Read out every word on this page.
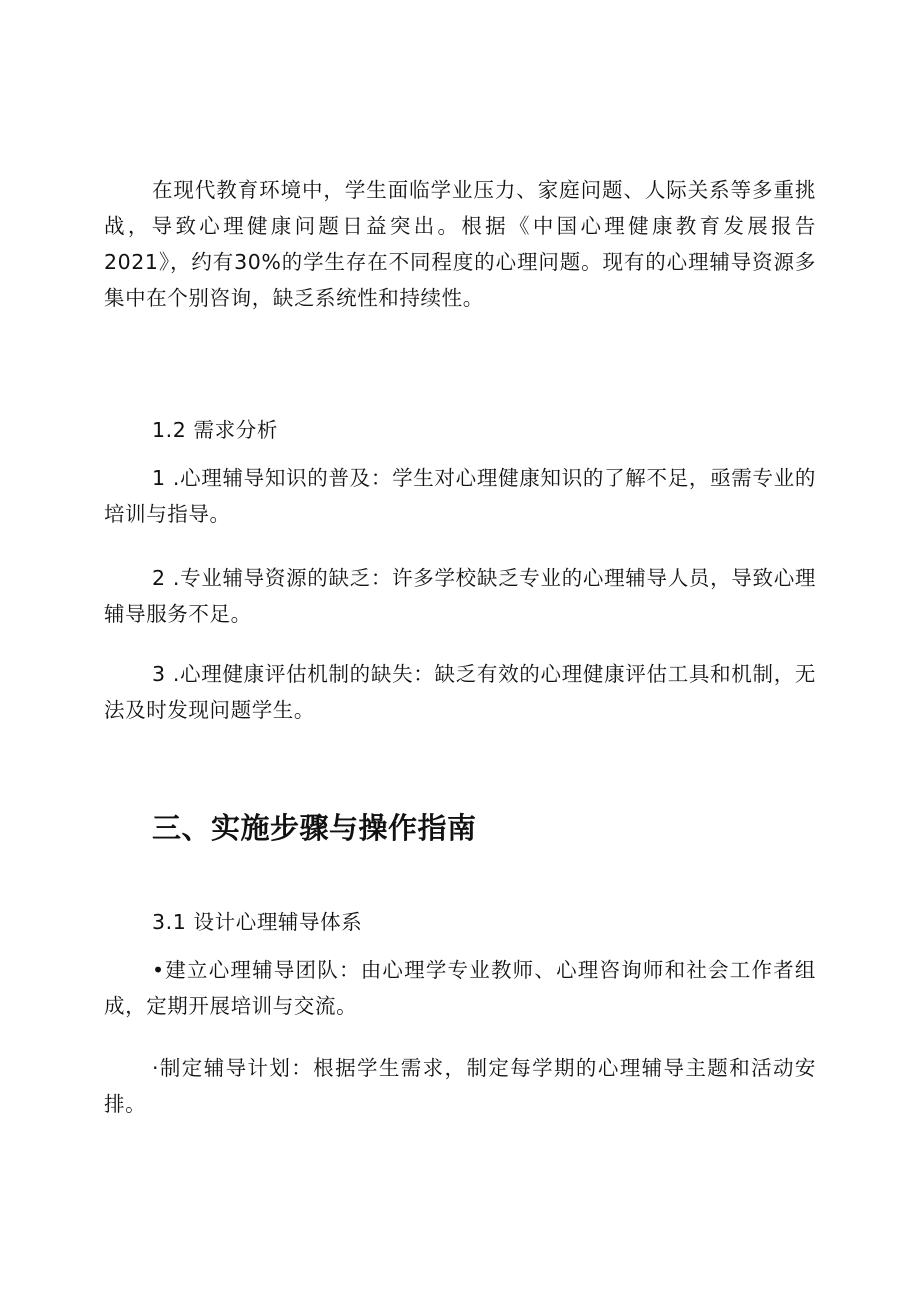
在现代教育环境中，学生面临学业压力、家庭问题、人际关系等多重挑战，导致心理健康问题日益突出。根据《中国心理健康教育发展报告2021》，约有30%的学生存在不同程度的心理问题。现有的心理辅导资源多集中在个别咨询，缺乏系统性和持续性。

1.2 需求分析

1 .心理辅导知识的普及：学生对心理健康知识的了解不足，亟需专业的培训与指导。

2 .专业辅导资源的缺乏：许多学校缺乏专业的心理辅导人员，导致心理辅导服务不足。

3 .心理健康评估机制的缺失：缺乏有效的心理健康评估工具和机制，无法及时发现问题学生。

三、实施步骤与操作指南

3.1 设计心理辅导体系

•建立心理辅导团队：由心理学专业教师、心理咨询师和社会工作者组成，定期开展培训与交流。

·制定辅导计划：根据学生需求，制定每学期的心理辅导主题和活动安排。
